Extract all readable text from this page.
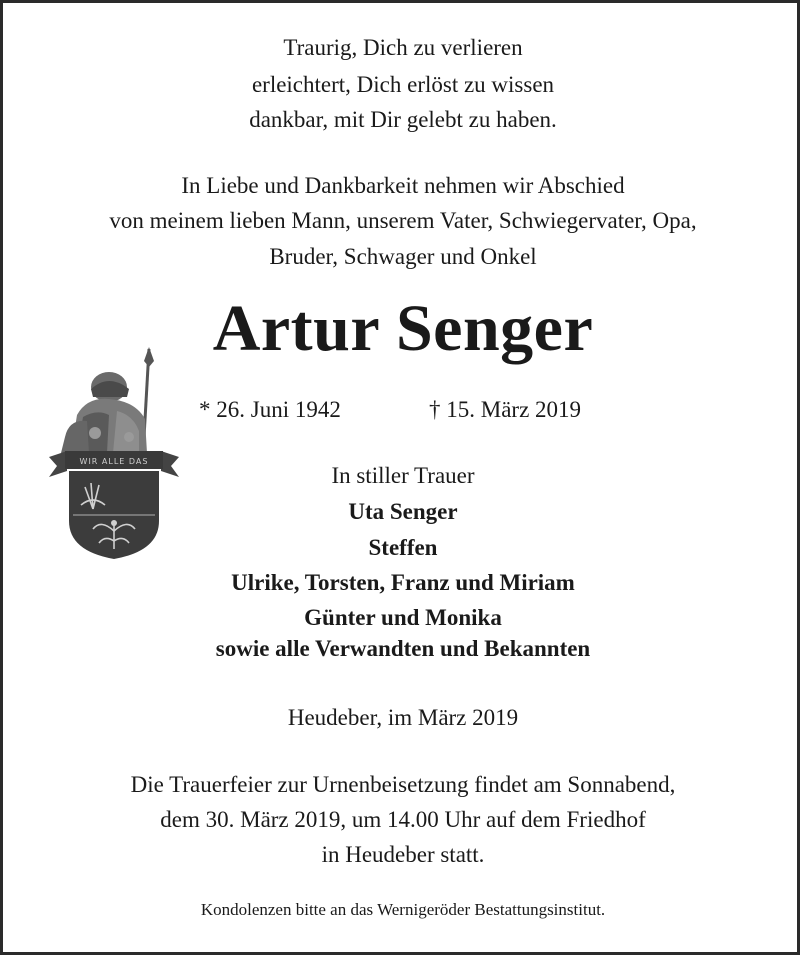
Traurig, Dich zu verlieren
erleichtert, Dich erlöst zu wissen
dankbar, mit Dir gelebt zu haben.
In Liebe und Dankbarkeit nehmen wir Abschied
von meinem lieben Mann, unserem Vater, Schwiegervater, Opa,
Bruder, Schwager und Onkel
Artur Senger
* 26. Juni 1942	† 15. März 2019
WIR ALLE DAS
In stiller Trauer
Uta Senger
Steffen
Ulrike, Torsten, Franz und Miriam
Günter und Monika
sowie alle Verwandten und Bekannten
Heudeber, im März 2019
Die Trauerfeier zur Urnenbeisetzung findet am Sonnabend,
dem 30. März 2019, um 14.00 Uhr auf dem Friedhof
in Heudeber statt.
Kondolenzen bitte an das Wernigeröder Bestattungsinstitut.
